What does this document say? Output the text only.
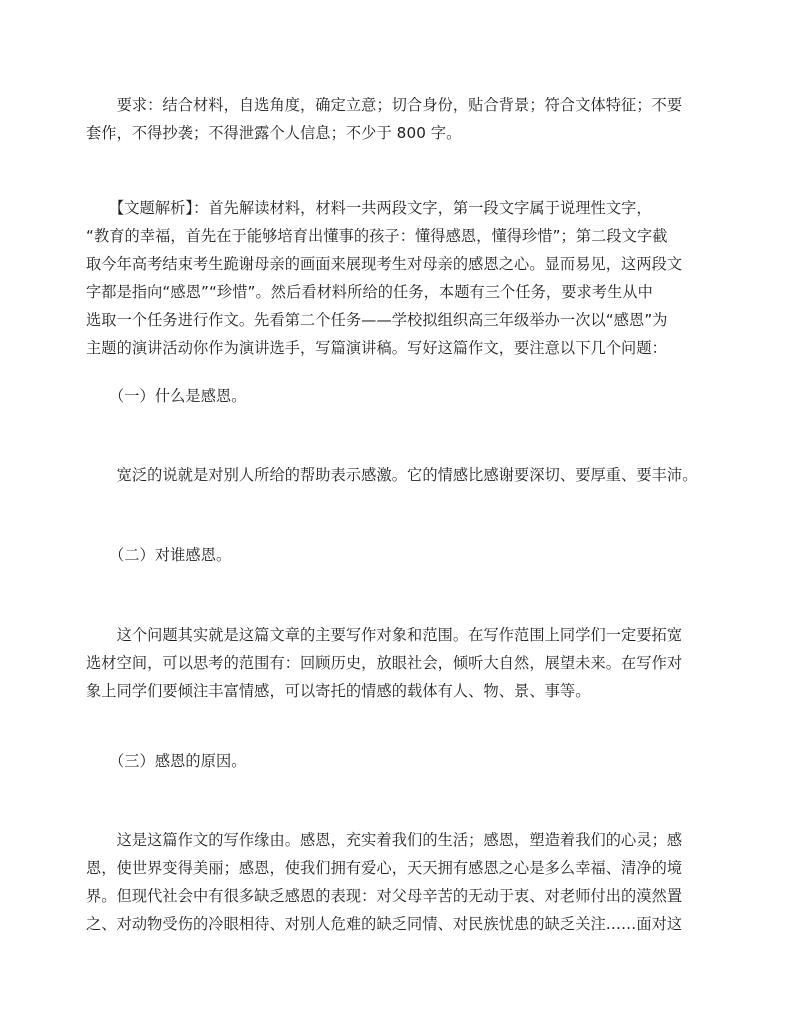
　　要求：结合材料，自选角度，确定立意；切合身份，贴合背景；符合文体特征；不要
套作，不得抄袭；不得泄露个人信息；不少于 800 字。
　　【文题解析】：首先解读材料，材料一共两段文字，第一段文字属于说理性文字，
“教育的幸福，首先在于能够培育出懂事的孩子：懂得感恩，懂得珍惜”；第二段文字截
取今年高考结束考生跪谢母亲的画面来展现考生对母亲的感恩之心。显而易见，这两段文
字都是指向“感恩”“珍惜”。然后看材料所给的任务，本题有三个任务，要求考生从中
选取一个任务进行作文。先看第二个任务——学校拟组织高三年级举办一次以“感恩”为
主题的演讲活动你作为演讲选手，写篇演讲稿。写好这篇作文，要注意以下几个问题：
　　（一）什么是感恩。
　　宽泛的说就是对别人所给的帮助表示感激。它的情感比感谢要深切、要厚重、要丰沛。
　　（二）对谁感恩。
　　这个问题其实就是这篇文章的主要写作对象和范围。在写作范围上同学们一定要拓宽
选材空间，可以思考的范围有：回顾历史，放眼社会，倾听大自然，展望未来。在写作对
象上同学们要倾注丰富情感，可以寄托的情感的载体有人、物、景、事等。
　　（三）感恩的原因。
　　这是这篇作文的写作缘由。感恩，充实着我们的生活；感恩，塑造着我们的心灵；感
恩，使世界变得美丽；感恩，使我们拥有爱心，天天拥有感恩之心是多么幸福、清净的境
界。但现代社会中有很多缺乏感恩的表现：对父母辛苦的无动于衷、对老师付出的漠然置
之、对动物受伤的冷眼相待、对别人危难的缺乏同情、对民族忧患的缺乏关注……面对这
